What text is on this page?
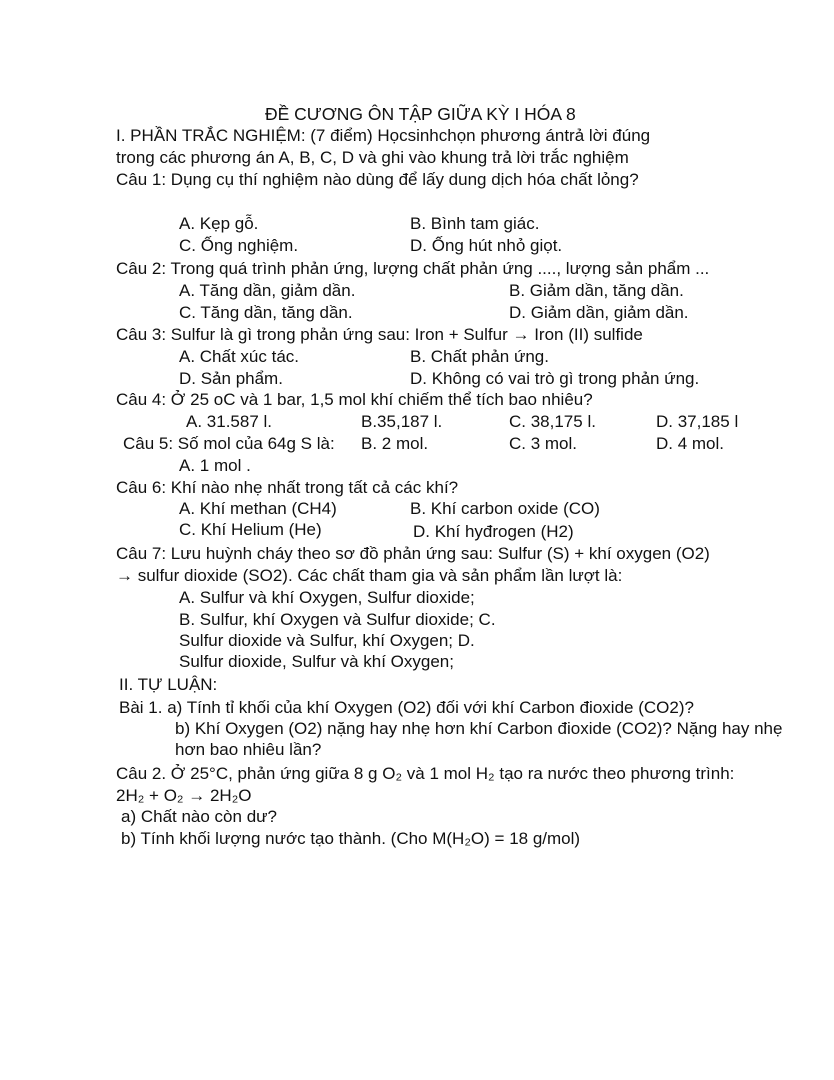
ĐỀ CƯƠNG ÔN TẬP GIỮA KỲ I HÓA 8
I. PHẦN TRẮC NGHIỆM: (7 điểm) Họcsinhchọn phương ántrả lời đúng
trong các phương án A, B, C, D và ghi vào khung trả lời trắc nghiệm
Câu 1: Dụng cụ thí nghiệm nào dùng để lấy dung dịch hóa chất lỏng?
A. Kẹp gỗ.	B. Bình tam giác.
C. Ống nghiệm.	D. Ống hút nhỏ giọt.
Câu 2: Trong quá trình phản ứng, lượng chất phản ứng ...., lượng sản phẩm ...
A. Tăng dần, giảm dần.	B. Giảm dần, tăng dần.
C. Tăng dần, tăng dần.	D. Giảm dần, giảm dần.
Câu 3: Sulfur là gì trong phản ứng sau: Iron + Sulfur → Iron (II) sulfide
A. Chất xúc tác.	B. Chất phản ứng.
D. Sản phẩm.	D. Không có vai trò gì trong phản ứng.
Câu 4: Ở 25 oC và 1 bar, 1,5 mol khí chiếm thể tích bao nhiêu?
A. 31.587 l.	B.35,187 l.	C. 38,175 l.	D. 37,185 l
Câu 5: Số mol của 64g S là: B. 2 mol.	C. 3 mol.	D. 4 mol.
A. 1 mol .
Câu 6: Khí nào nhẹ nhất trong tất cả các khí?
A. Khí methan (CH4)	B. Khí carbon oxide (CO)
C. Khí Helium (He)	D. Khí hyđrogen (H2)
Câu 7: Lưu huỳnh cháy theo sơ đồ phản ứng sau: Sulfur (S) + khí oxygen (O2)
→ sulfur dioxide (SO2). Các chất tham gia và sản phẩm lần lượt là:
A. Sulfur và khí Oxygen, Sulfur dioxide;
B. Sulfur, khí Oxygen và Sulfur dioxide; C.
Sulfur dioxide và Sulfur, khí Oxygen; D.
Sulfur dioxide, Sulfur và khí Oxygen;
II. TỰ LUẬN:
Bài 1. a) Tính tỉ khối của khí Oxygen (O2) đối với khí Carbon đioxide (CO2)?
b) Khí Oxygen (O2) nặng hay nhẹ hơn khí Carbon đioxide (CO2)? Nặng hay nhẹ
hơn bao nhiêu lần?
Câu 2. Ở 25°C, phản ứng giữa 8 g O₂ và 1 mol H₂ tạo ra nước theo phương trình:
2H₂ + O₂ → 2H₂O
a) Chất nào còn dư?
b) Tính khối lượng nước tạo thành. (Cho M(H₂O) = 18 g/mol)
